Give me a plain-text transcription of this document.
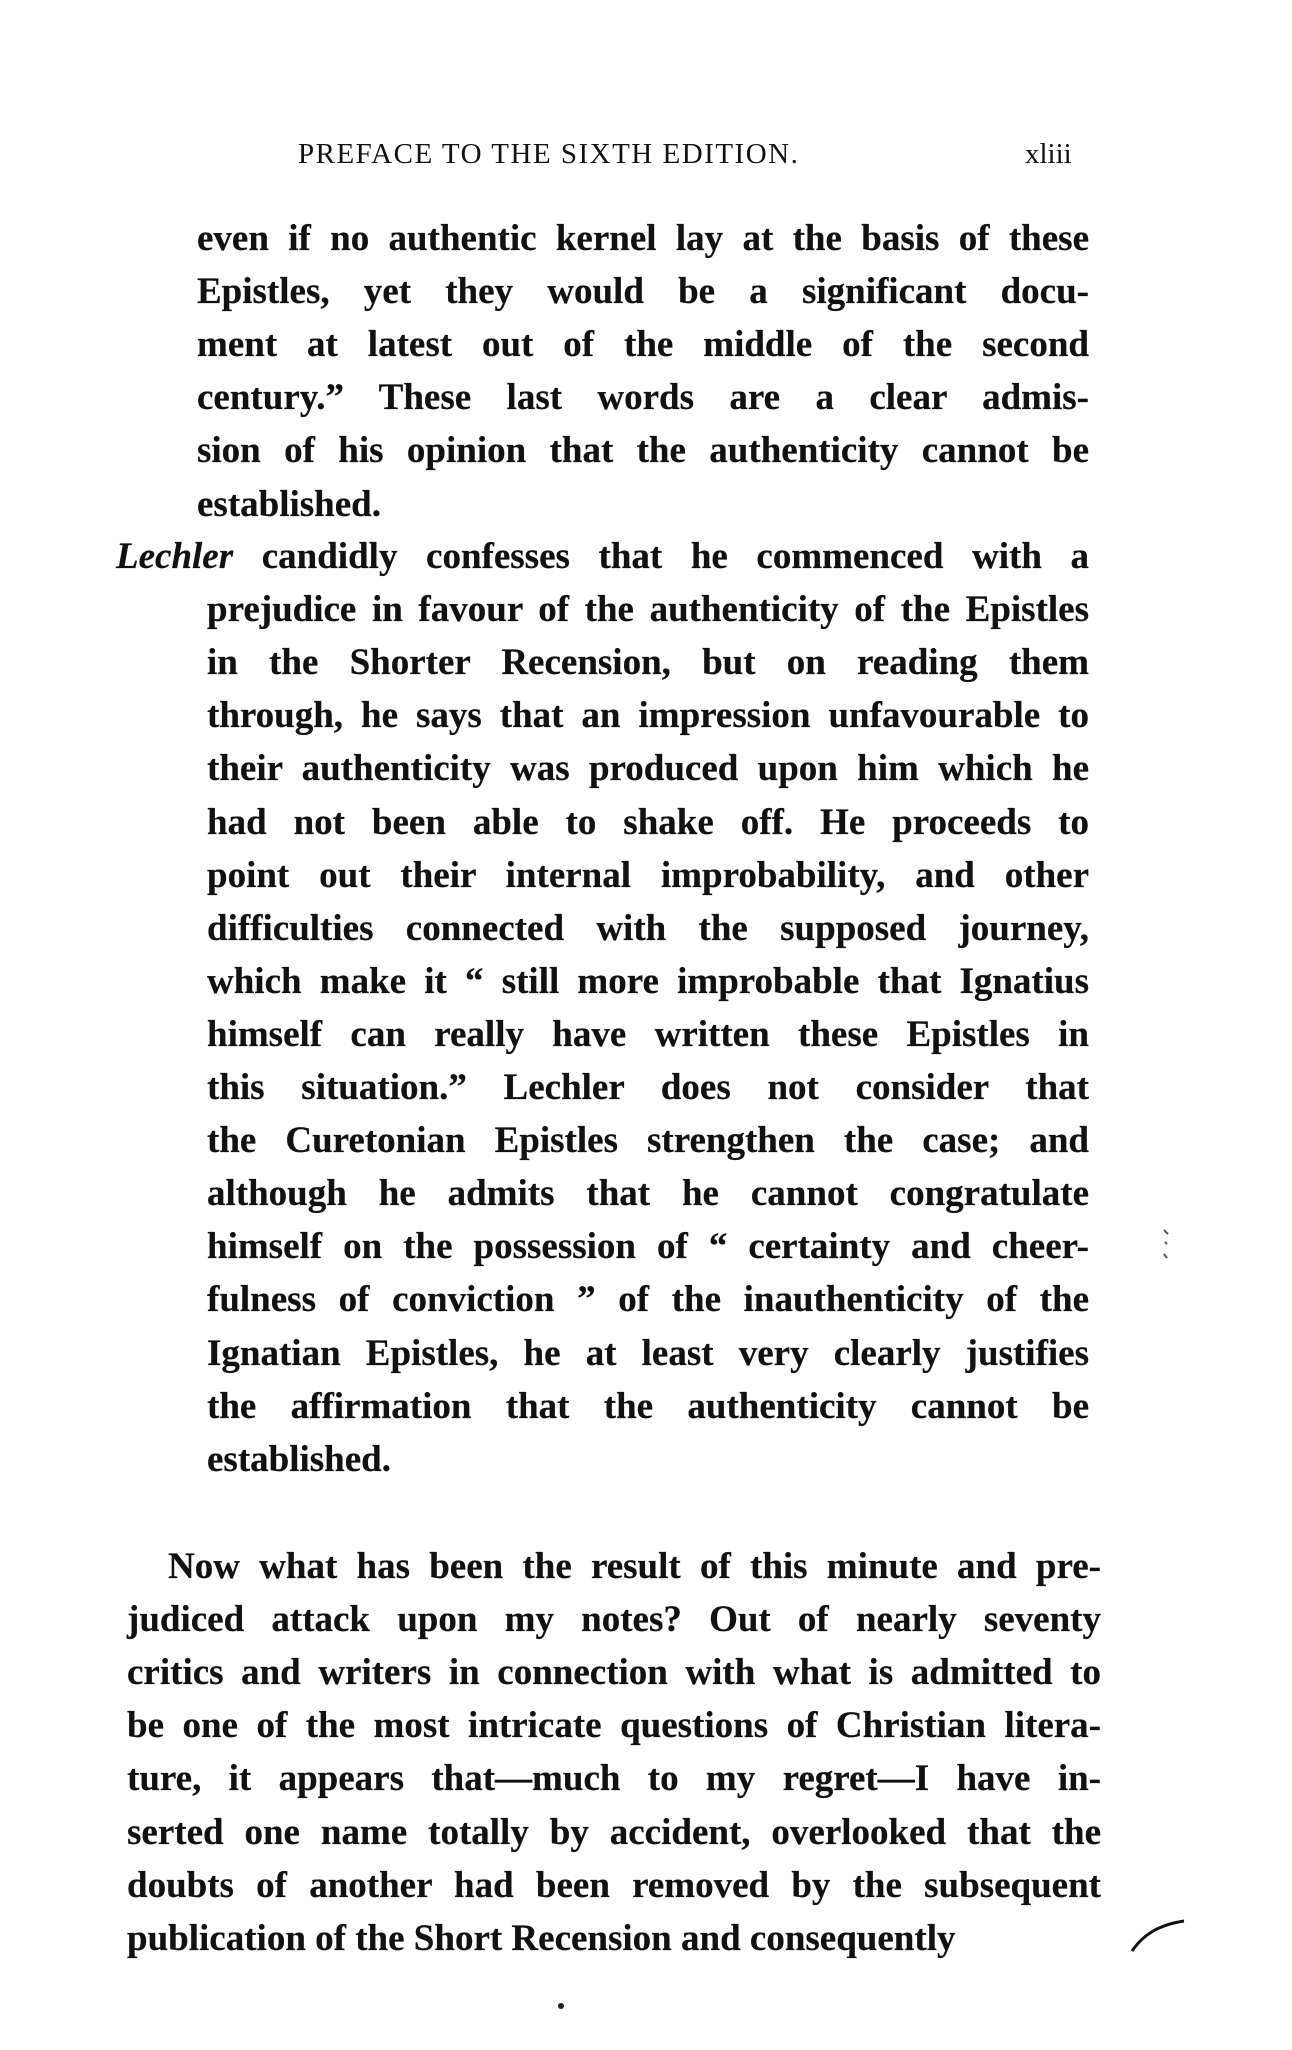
PREFACE TO THE SIXTH EDITION.	xliii
even if no authentic kernel lay at the basis of these
Epistles, yet they would be a significant docu-
ment at latest out of the middle of the second
century.” These last words are a clear admis-
sion of his opinion that the authenticity cannot be
established.
Lechler candidly confesses that he commenced with a
prejudice in favour of the authenticity of the Epistles
in the Shorter Recension, but on reading them
through, he says that an impression unfavourable to
their authenticity was produced upon him which he
had not been able to shake off. He proceeds to
point out their internal improbability, and other
difficulties connected with the supposed journey,
which make it “ still more improbable that Ignatius
himself can really have written these Epistles in
this situation.” Lechler does not consider that
the Curetonian Epistles strengthen the case; and
although he admits that he cannot congratulate
himself on the possession of “ certainty and cheer-
fulness of conviction ” of the inauthenticity of the
Ignatian Epistles, he at least very clearly justifies
the affirmation that the authenticity cannot be
established.
Now what has been the result of this minute and pre-
judiced attack upon my notes? Out of nearly seventy
critics and writers in connection with what is admitted to
be one of the most intricate questions of Christian litera-
ture, it appears that—much to my regret—I have in-
serted one name totally by accident, overlooked that the
doubts of another had been removed by the subsequent
publication of the Short Recension and consequently
